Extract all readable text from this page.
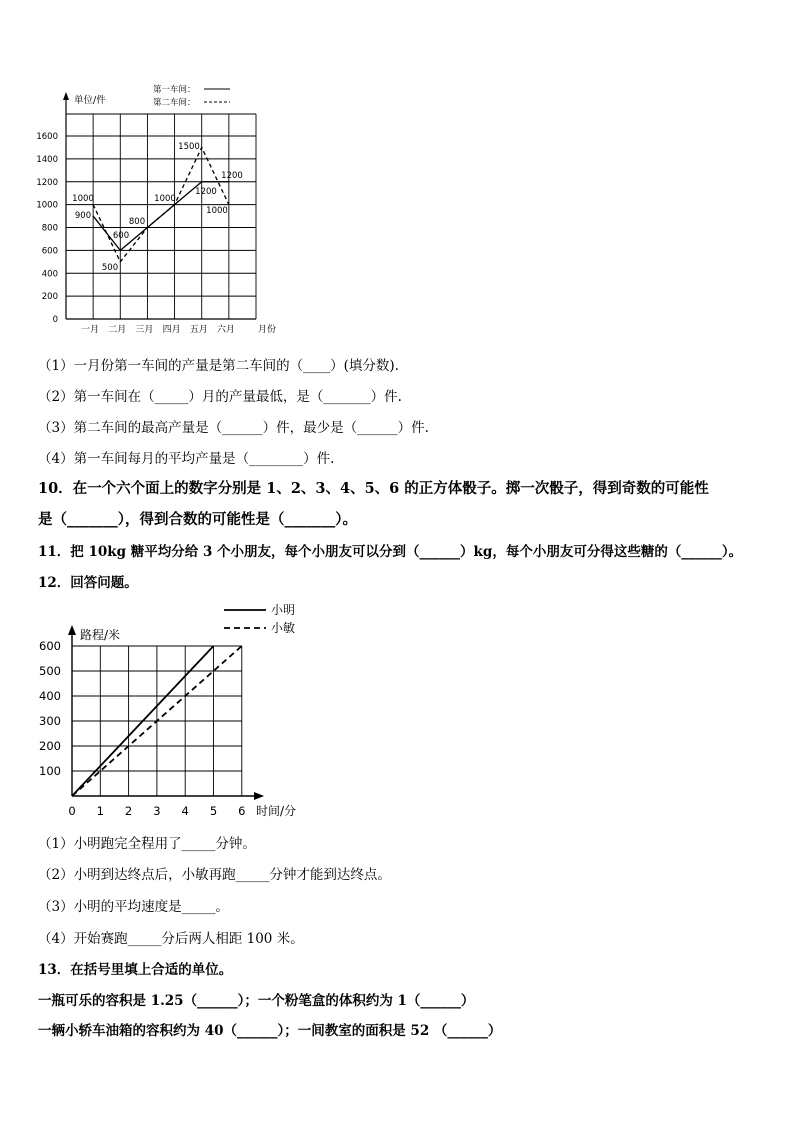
单位/件
月份
0
200
400
600
800
1000
1200
1400
1600
一月 二月 三月 四月 五月 六月
1000
900
600
500
800
1000
1500
1200
1200
1000
第一车间：
第二车间：
（1）一月份第一车间的产量是第二车间的（____）(填分数).
（2）第一车间在（_____）月的产量最低，是（_______）件.
（3）第二车间的最高产量是（______）件，最少是（______）件.
（4）第一车间每月的平均产量是（________）件.
10．在一个六个面上的数字分别是 1、2、3、4、5、6 的正方体骰子。掷一次骰子，得到奇数的可能性
是（_______），得到合数的可能性是（_______）。
11．把 10kg 糖平均分给 3 个小朋友，每个小朋友可以分到（______）kg，每个小朋友可分得这些糖的（______）。
12．回答问题。
路程/米
时间/分
100
200
300
400
500
600
0 1 2 3 4 5 6
小明
小敏
（1）小明跑完全程用了_____分钟。
（2）小明到达终点后，小敏再跑_____分钟才能到达终点。
（3）小明的平均速度是_____。
（4）开始赛跑_____分后两人相距 100 米。
13．在括号里填上合适的单位。
一瓶可乐的容积是 1.25（______）；一个粉笔盒的体积约为 1（______）
一辆小轿车油箱的容积约为 40（______）；一间教室的面积是 52 （______）
